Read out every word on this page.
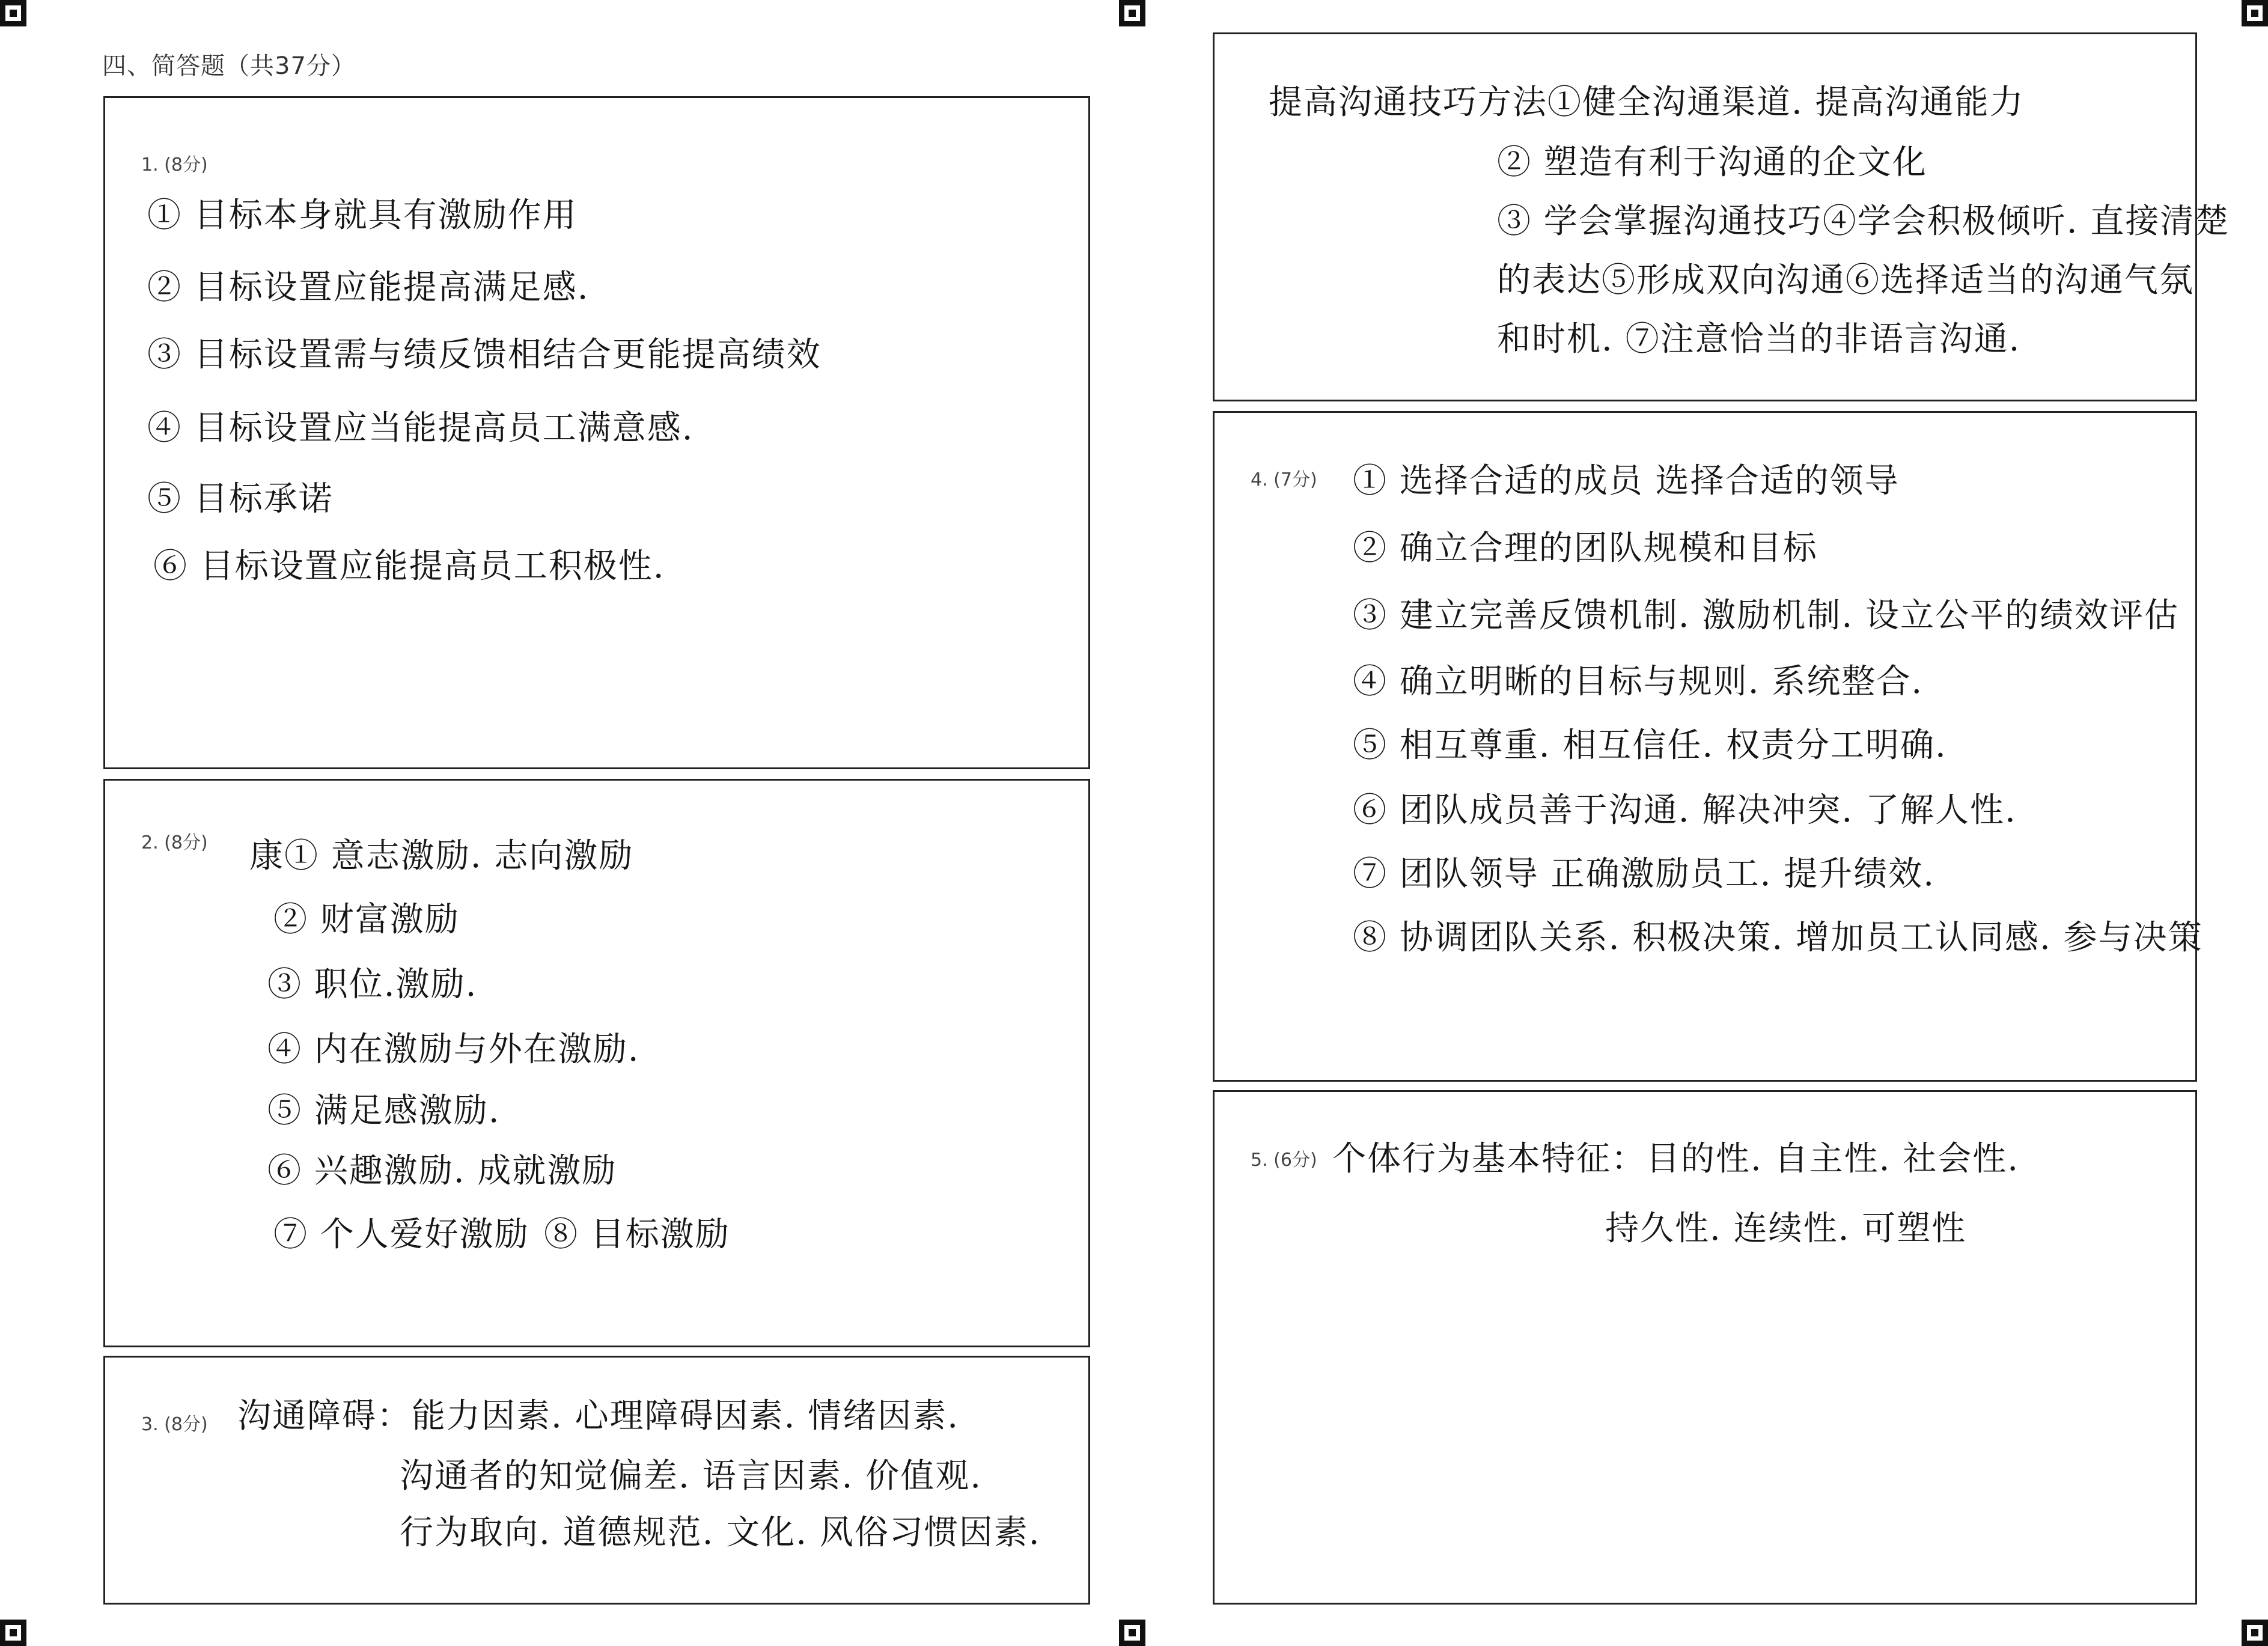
四、简答题（共37分）
1. (8分)
① 目标本身就具有激励作用
② 目标设置应能提高满足感.
③ 目标设置需与绩反馈相结合更能提高绩效
④ 目标设置应当能提高员工满意感.
⑤ 目标承诺
⑥ 目标设置应能提高员工积极性.
2. (8分) 康① 意志激励. 志向激励
② 财富激励
③ 职位.激励.
④ 内在激励与外在激励.
⑤ 满足感激励.
⑥ 兴趣激励. 成就激励
⑦ 个人爱好激励 ⑧ 目标激励
3. (8分) 沟通障碍：能力因素. 心理障碍因素. 情绪因素.
沟通者的知觉偏差. 语言因素. 价值观.
行为取向. 道德规范. 文化. 风俗习惯因素.
提高沟通技巧方法①健全沟通渠道. 提高沟通能力
② 塑造有利于沟通的企文化
③ 学会掌握沟通技巧④学会积极倾听. 直接清楚
的表达⑤形成双向沟通⑥选择适当的沟通气氛
和时机. ⑦注意恰当的非语言沟通.
4. (7分) ① 选择合适的成员 选择合适的领导
② 确立合理的团队规模和目标
③ 建立完善反馈机制. 激励机制. 设立公平的绩效评估
④ 确立明晰的目标与规则. 系统整合.
⑤ 相互尊重. 相互信任. 权责分工明确.
⑥ 团队成员善于沟通. 解决冲突. 了解人性.
⑦ 团队领导 正确激励员工. 提升绩效.
⑧ 协调团队关系. 积极决策. 增加员工认同感. 参与决策
5. (6分) 个体行为基本特征：目的性. 自主性. 社会性.
持久性. 连续性. 可塑性
